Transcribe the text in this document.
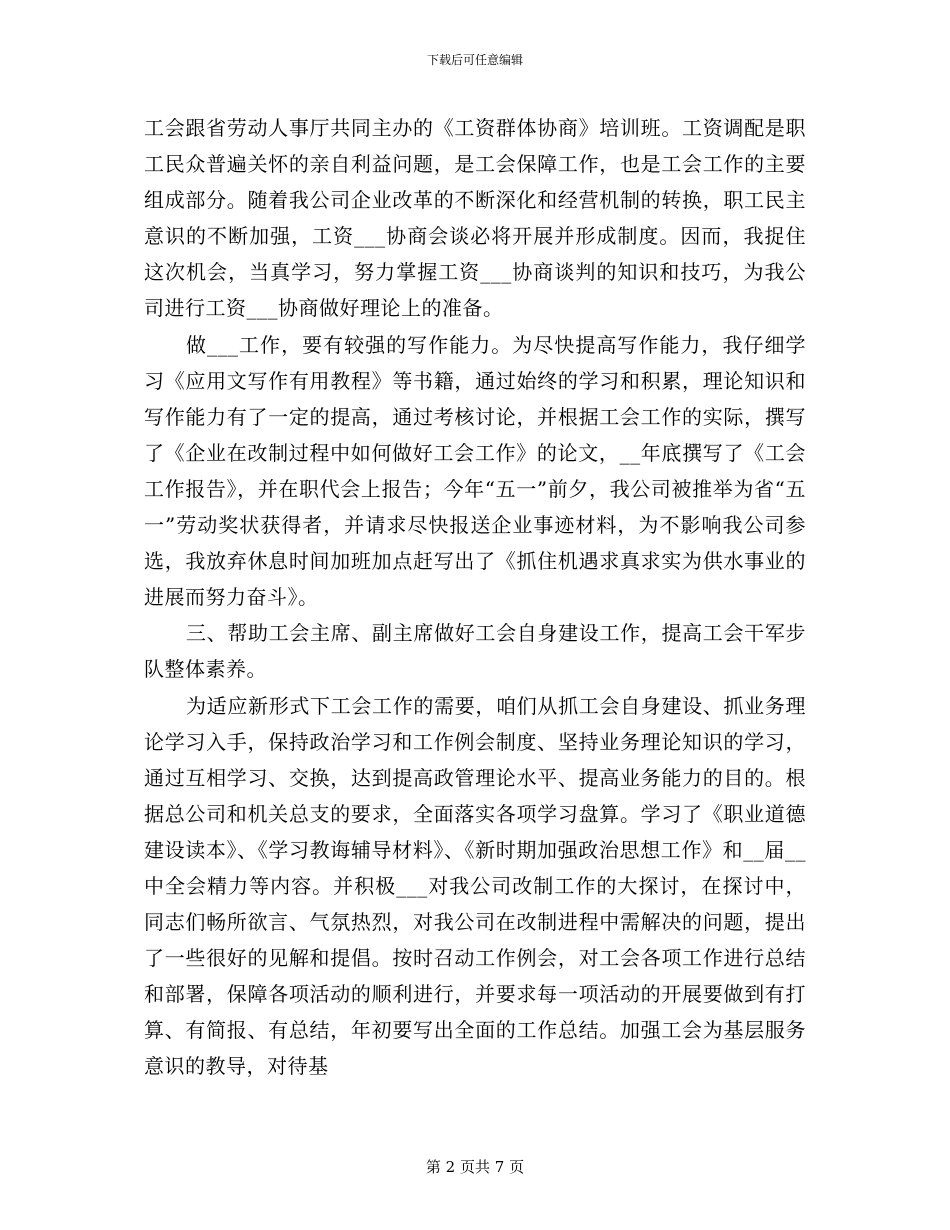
下载后可任意编辑

工会跟省劳动人事厅共同主办的《工资群体协商》培训班。工资调配是职工民众普遍关怀的亲自利益问题，是工会保障工作，也是工会工作的主要组成部分。随着我公司企业改革的不断深化和经营机制的转换，职工民主意识的不断加强，工资___协商会谈必将开展并形成制度。因而，我捉住这次机会，当真学习，努力掌握工资___协商谈判的知识和技巧，为我公司进行工资___协商做好理论上的准备。

做___工作，要有较强的写作能力。为尽快提高写作能力，我仔细学习《应用文写作有用教程》等书籍，通过始终的学习和积累，理论知识和写作能力有了一定的提高，通过考核讨论，并根据工会工作的实际，撰写了《企业在改制过程中如何做好工会工作》的论文，__年底撰写了《工会工作报告》，并在职代会上报告；今年“五一”前夕，我公司被推举为省“五一”劳动奖状获得者，并请求尽快报送企业事迹材料，为不影响我公司参选，我放弃休息时间加班加点赶写出了《抓住机遇求真求实为供水事业的进展而努力奋斗》。

三、帮助工会主席、副主席做好工会自身建设工作，提高工会干军步队整体素养。

为适应新形式下工会工作的需要，咱们从抓工会自身建设、抓业务理论学习入手，保持政治学习和工作例会制度、坚持业务理论知识的学习，通过互相学习、交换，达到提高政管理论水平、提高业务能力的目的。根据总公司和机关总支的要求，全面落实各项学习盘算。学习了《职业道德建设读本》、《学习教诲辅导材料》、《新时期加强政治思想工作》和__届__中全会精力等内容。并积极___对我公司改制工作的大探讨，在探讨中，同志们畅所欲言、气氛热烈，对我公司在改制进程中需解决的问题，提出了一些很好的见解和提倡。按时召动工作例会，对工会各项工作进行总结和部署，保障各项活动的顺利进行，并要求每一项活动的开展要做到有打算、有简报、有总结，年初要写出全面的工作总结。加强工会为基层服务意识的教导，对待基

第 2 页共 7 页
